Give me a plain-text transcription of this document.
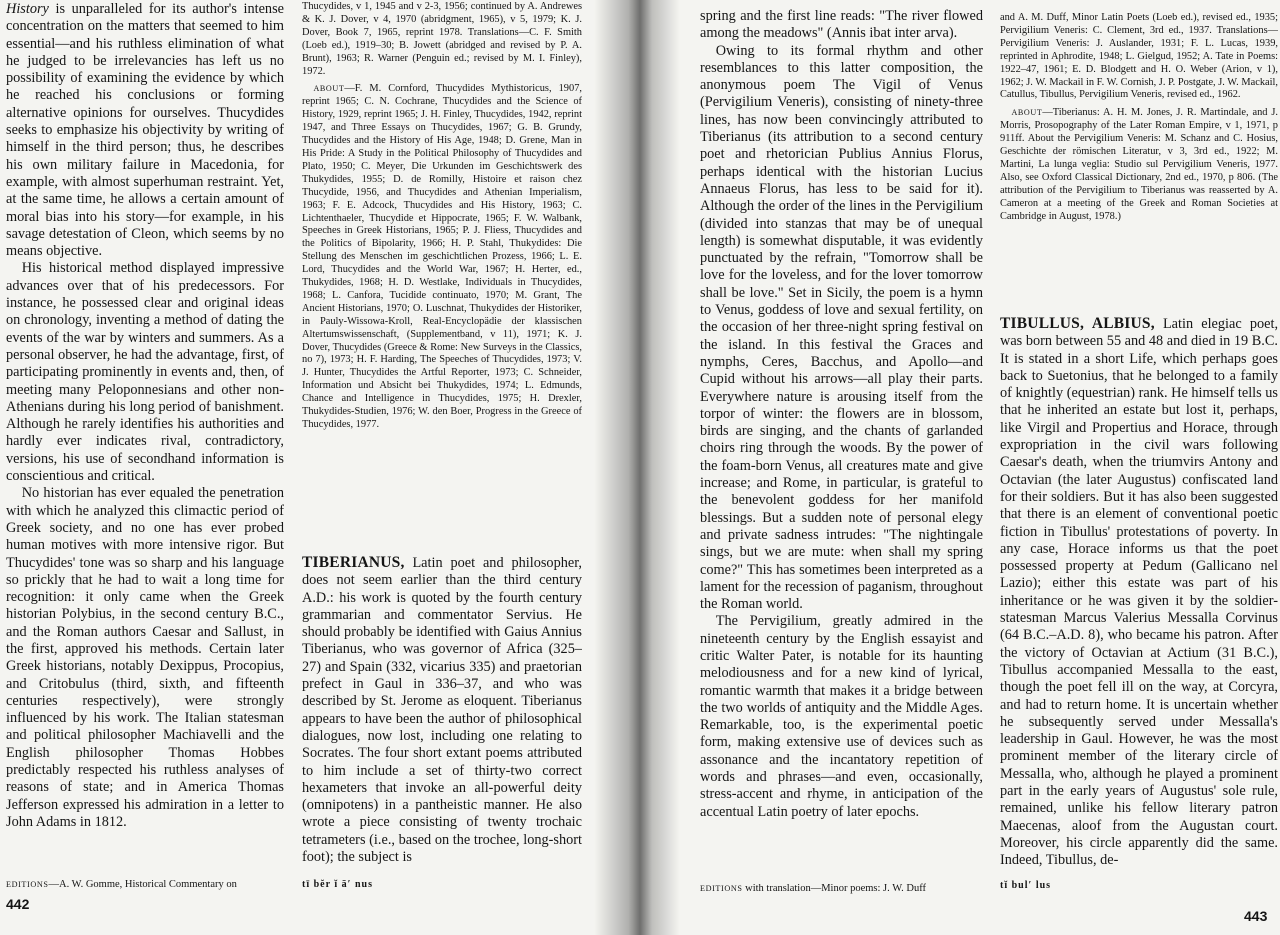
History is unparalleled for its author's intense concentration on the matters that seemed to him essential—and his ruthless elimination of what he judged to be irrelevancies has left us no possibility of examining the evidence by which he reached his conclusions or forming alternative opinions for ourselves. Thucydides seeks to emphasize his objectivity by writing of himself in the third person; thus, he describes his own military failure in Macedonia, for example, with almost superhuman restraint. Yet, at the same time, he allows a certain amount of moral bias into his story—for example, in his savage detestation of Cleon, which seems by no means objective.

His historical method displayed impressive advances over that of his predecessors. For instance, he possessed clear and original ideas on chronology, inventing a method of dating the events of the war by winters and summers. As a personal observer, he had the advantage, first, of participating prominently in events and, then, of meeting many Peloponnesians and other non-Athenians during his long period of banishment. Although he rarely identifies his authorities and hardly ever indicates rival, contradictory, versions, his use of secondhand information is conscientious and critical.

No historian has ever equaled the penetration with which he analyzed this climactic period of Greek society, and no one has ever probed human motives with more intensive rigor. But Thucydides' tone was so sharp and his language so prickly that he had to wait a long time for recognition: it only came when the Greek historian Polybius, in the second century B.C., and the Roman authors Caesar and Sallust, in the first, approved his methods. Certain later Greek historians, notably Dexippus, Procopius, and Critobulus (third, sixth, and fifteenth centuries respectively), were strongly influenced by his work. The Italian statesman and political philosopher Machiavelli and the English philosopher Thomas Hobbes predictably respected his ruthless analyses of reasons of state; and in America Thomas Jefferson expressed his admiration in a letter to John Adams in 1812.

EDITIONS—A. W. Gomme, Historical Commentary on
442

Thucydides, v 1, 1945 and v 2-3, 1956; continued by A. Andrewes & K. J. Dover, v 4, 1970 (abridgment, 1965), v 5, 1979; K. J. Dover, Book 7, 1965, reprint 1978. Translations—C. F. Smith (Loeb ed.), 1919–30; B. Jowett (abridged and revised by P. A. Brunt), 1963; R. Warner (Penguin ed.; revised by M. I. Finley), 1972.

ABOUT—F. M. Cornford, Thucydides Mythistoricus, 1907, reprint 1965; C. N. Cochrane, Thucydides and the Science of History, 1929, reprint 1965; J. H. Finley, Thucydides, 1942, reprint 1947, and Three Essays on Thucydides, 1967; G. B. Grundy, Thucydides and the History of His Age, 1948; D. Grene, Man in His Pride: A Study in the Political Philosophy of Thucydides and Plato, 1950; C. Meyer, Die Urkunden im Geschichtswerk des Thukydides, 1955; D. de Romilly, Histoire et raison chez Thucydide, 1956, and Thucydides and Athenian Imperialism, 1963; F. E. Adcock, Thucydides and His History, 1963; C. Lichtenthaeler, Thucydide et Hippocrate, 1965; F. W. Walbank, Speeches in Greek Historians, 1965; P. J. Fliess, Thucydides and the Politics of Bipolarity, 1966; H. P. Stahl, Thukydides: Die Stellung des Menschen im geschichtlichen Prozess, 1966; L. E. Lord, Thucydides and the World War, 1967; H. Herter, ed., Thukydides, 1968; H. D. Westlake, Individuals in Thucydides, 1968; L. Canfora, Tucidide continuato, 1970; M. Grant, The Ancient Historians, 1970; O. Luschnat, Thukydides der Historiker, in Pauly-Wissowa-Kroll, Real-Encyclopädie der klassischen Altertumswissenschaft, (Supplementband, v 11), 1971; K. J. Dover, Thucydides (Greece & Rome: New Surveys in the Classics, no 7), 1973; H. F. Harding, The Speeches of Thucydides, 1973; V. J. Hunter, Thucydides the Artful Reporter, 1973; C. Schneider, Information und Absicht bei Thukydides, 1974; L. Edmunds, Chance and Intelligence in Thucydides, 1975; H. Drexler, Thukydides-Studien, 1976; W. den Boer, Progress in the Greece of Thucydides, 1977.

TIBERIANUS, Latin poet and philosopher, does not seem earlier than the third century A.D.: his work is quoted by the fourth century grammarian and commentator Servius. He should probably be identified with Gaius Annius Tiberianus, who was governor of Africa (325–27) and Spain (332, vicarius 335) and praetorian prefect in Gaul in 336–37, and who was described by St. Jerome as eloquent. Tiberianus appears to have been the author of philosophical dialogues, now lost, including one relating to Socrates. The four short extant poems attributed to him include a set of thirty-two correct hexameters that invoke an all-powerful deity (omnipotens) in a pantheistic manner. He also wrote a piece consisting of twenty trochaic tetrameters (i.e., based on the trochee, long-short foot); the subject is

tī bĕr ĭ ā′ nus

spring and the first line reads: "The river flowed among the meadows" (Annis ibat inter arva).

Owing to its formal rhythm and other resemblances to this latter composition, the anonymous poem The Vigil of Venus (Pervigilium Veneris), consisting of ninety-three lines, has now been convincingly attributed to Tiberianus (its attribution to a second century poet and rhetorician Publius Annius Florus, perhaps identical with the historian Lucius Annaeus Florus, has less to be said for it). Although the order of the lines in the Pervigilium (divided into stanzas that may be of unequal length) is somewhat disputable, it was evidently punctuated by the refrain, "Tomorrow shall be love for the loveless, and for the lover tomorrow shall be love." Set in Sicily, the poem is a hymn to Venus, goddess of love and sexual fertility, on the occasion of her three-night spring festival on the island. In this festival the Graces and nymphs, Ceres, Bacchus, and Apollo—and Cupid without his arrows—all play their parts. Everywhere nature is arousing itself from the torpor of winter: the flowers are in blossom, birds are singing, and the chants of garlanded choirs ring through the woods. By the power of the foam-born Venus, all creatures mate and give increase; and Rome, in particular, is grateful to the benevolent goddess for her manifold blessings. But a sudden note of personal elegy and private sadness intrudes: "The nightingale sings, but we are mute: when shall my spring come?" This has sometimes been interpreted as a lament for the recession of paganism, throughout the Roman world.

The Pervigilium, greatly admired in the nineteenth century by the English essayist and critic Walter Pater, is notable for its haunting melodiousness and for a new kind of lyrical, romantic warmth that makes it a bridge between the two worlds of antiquity and the Middle Ages. Remarkable, too, is the experimental poetic form, making extensive use of devices such as assonance and the incantatory repetition of words and phrases—and even, occasionally, stress-accent and rhyme, in anticipation of the accentual Latin poetry of later epochs.

EDITIONS with translation—Minor poems: J. W. Duff

and A. M. Duff, Minor Latin Poets (Loeb ed.), revised ed., 1935; Pervigilium Veneris: C. Clement, 3rd ed., 1937. Translations—Pervigilium Veneris: J. Auslander, 1931; F. L. Lucas, 1939, reprinted in Aphrodite, 1948; L. Gielgud, 1952; A. Tate in Poems: 1922–47, 1961; E. D. Blodgett and H. O. Weber (Arion, v 1), 1962; J. W. Mackail in F. W. Cornish, J. P. Postgate, J. W. Mackail, Catullus, Tibullus, Pervigilium Veneris, revised ed., 1962.

ABOUT—Tiberianus: A. H. M. Jones, J. R. Martindale, and J. Morris, Prosopography of the Later Roman Empire, v 1, 1971, p 911ff. About the Pervigilium Veneris: M. Schanz and C. Hosius, Geschichte der römischen Literatur, v 3, 3rd ed., 1922; M. Martini, La lunga veglia: Studio sul Pervigilium Veneris, 1977. Also, see Oxford Classical Dictionary, 2nd ed., 1970, p 806. (The attribution of the Pervigilium to Tiberianus was reasserted by A. Cameron at a meeting of the Greek and Roman Societies at Cambridge in August, 1978.)

TIBULLUS, ALBIUS, Latin elegiac poet, was born between 55 and 48 and died in 19 B.C. It is stated in a short Life, which perhaps goes back to Suetonius, that he belonged to a family of knightly (equestrian) rank. He himself tells us that he inherited an estate but lost it, perhaps, like Virgil and Propertius and Horace, through expropriation in the civil wars following Caesar's death, when the triumvirs Antony and Octavian (the later Augustus) confiscated land for their soldiers. But it has also been suggested that there is an element of conventional poetic fiction in Tibullus' protestations of poverty. In any case, Horace informs us that the poet possessed property at Pedum (Gallicano nel Lazio); either this estate was part of his inheritance or he was given it by the soldier-statesman Marcus Valerius Messalla Corvinus (64 B.C.–A.D. 8), who became his patron. After the victory of Octavian at Actium (31 B.C.), Tibullus accompanied Messalla to the east, though the poet fell ill on the way, at Corcyra, and had to return home. It is uncertain whether he subsequently served under Messalla's leadership in Gaul. However, he was the most prominent member of the literary circle of Messalla, who, although he played a prominent part in the early years of Augustus' sole rule, remained, unlike his fellow literary patron Maecenas, aloof from the Augustan court. Moreover, his circle apparently did the same. Indeed, Tibullus, de-

tĭ bul′ lus
443
